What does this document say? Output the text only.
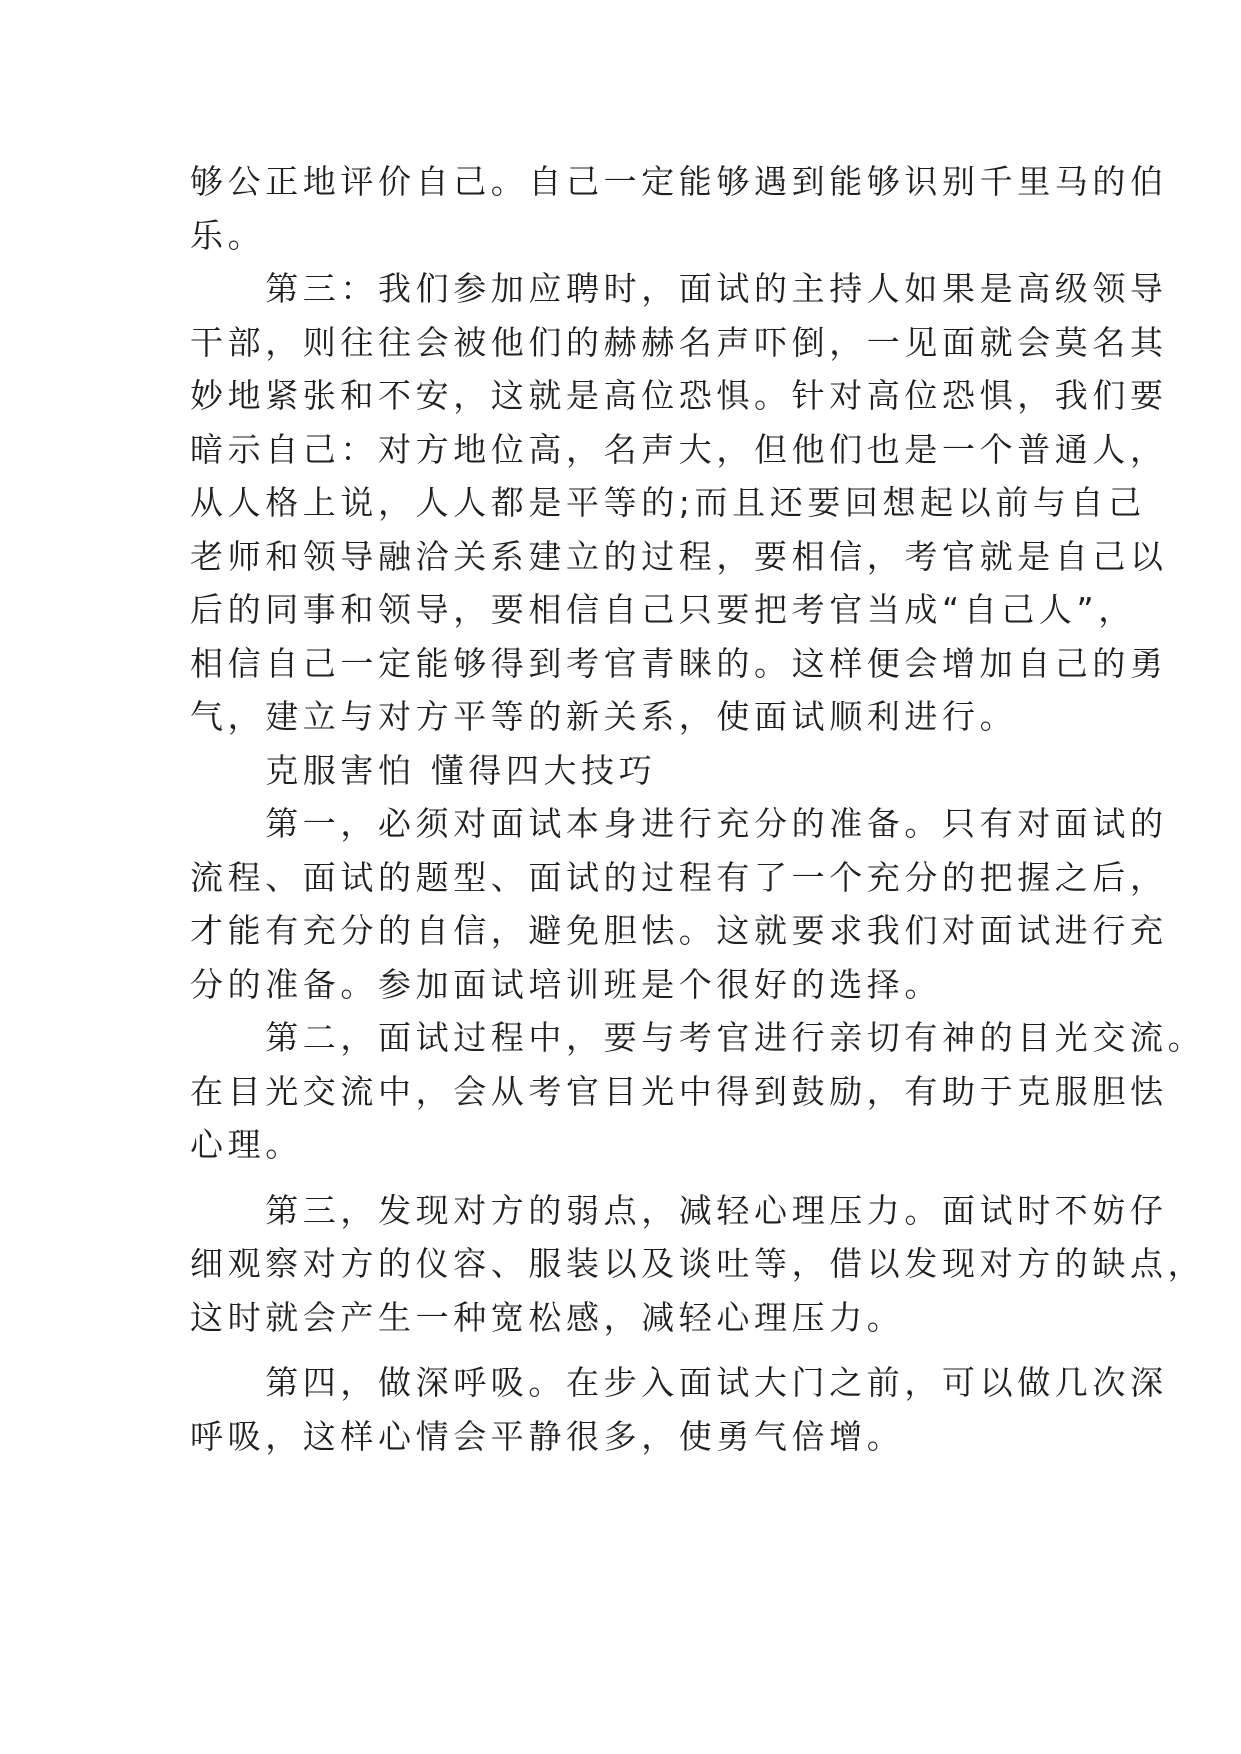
够公正地评价自己。自己一定能够遇到能够识别千里马的伯

乐。

　　第三：我们参加应聘时，面试的主持人如果是高级领导

干部，则往往会被他们的赫赫名声吓倒，一见面就会莫名其

妙地紧张和不安，这就是高位恐惧。针对高位恐惧，我们要

暗示自己：对方地位高，名声大，但他们也是一个普通人，

从人格上说，人人都是平等的;而且还要回想起以前与自己

老师和领导融洽关系建立的过程，要相信，考官就是自己以

后的同事和领导，要相信自己只要把考官当成“自己人”，

相信自己一定能够得到考官青睐的。这样便会增加自己的勇

气，建立与对方平等的新关系，使面试顺利进行。

　　克服害怕 懂得四大技巧

　　第一，必须对面试本身进行充分的准备。只有对面试的

流程、面试的题型、面试的过程有了一个充分的把握之后，

才能有充分的自信，避免胆怯。这就要求我们对面试进行充

分的准备。参加面试培训班是个很好的选择。

　　第二，面试过程中，要与考官进行亲切有神的目光交流。

在目光交流中，会从考官目光中得到鼓励，有助于克服胆怯

心理。

　　第三，发现对方的弱点，减轻心理压力。面试时不妨仔

细观察对方的仪容、服装以及谈吐等，借以发现对方的缺点，

这时就会产生一种宽松感，减轻心理压力。

　　第四，做深呼吸。在步入面试大门之前，可以做几次深

呼吸，这样心情会平静很多，使勇气倍增。
